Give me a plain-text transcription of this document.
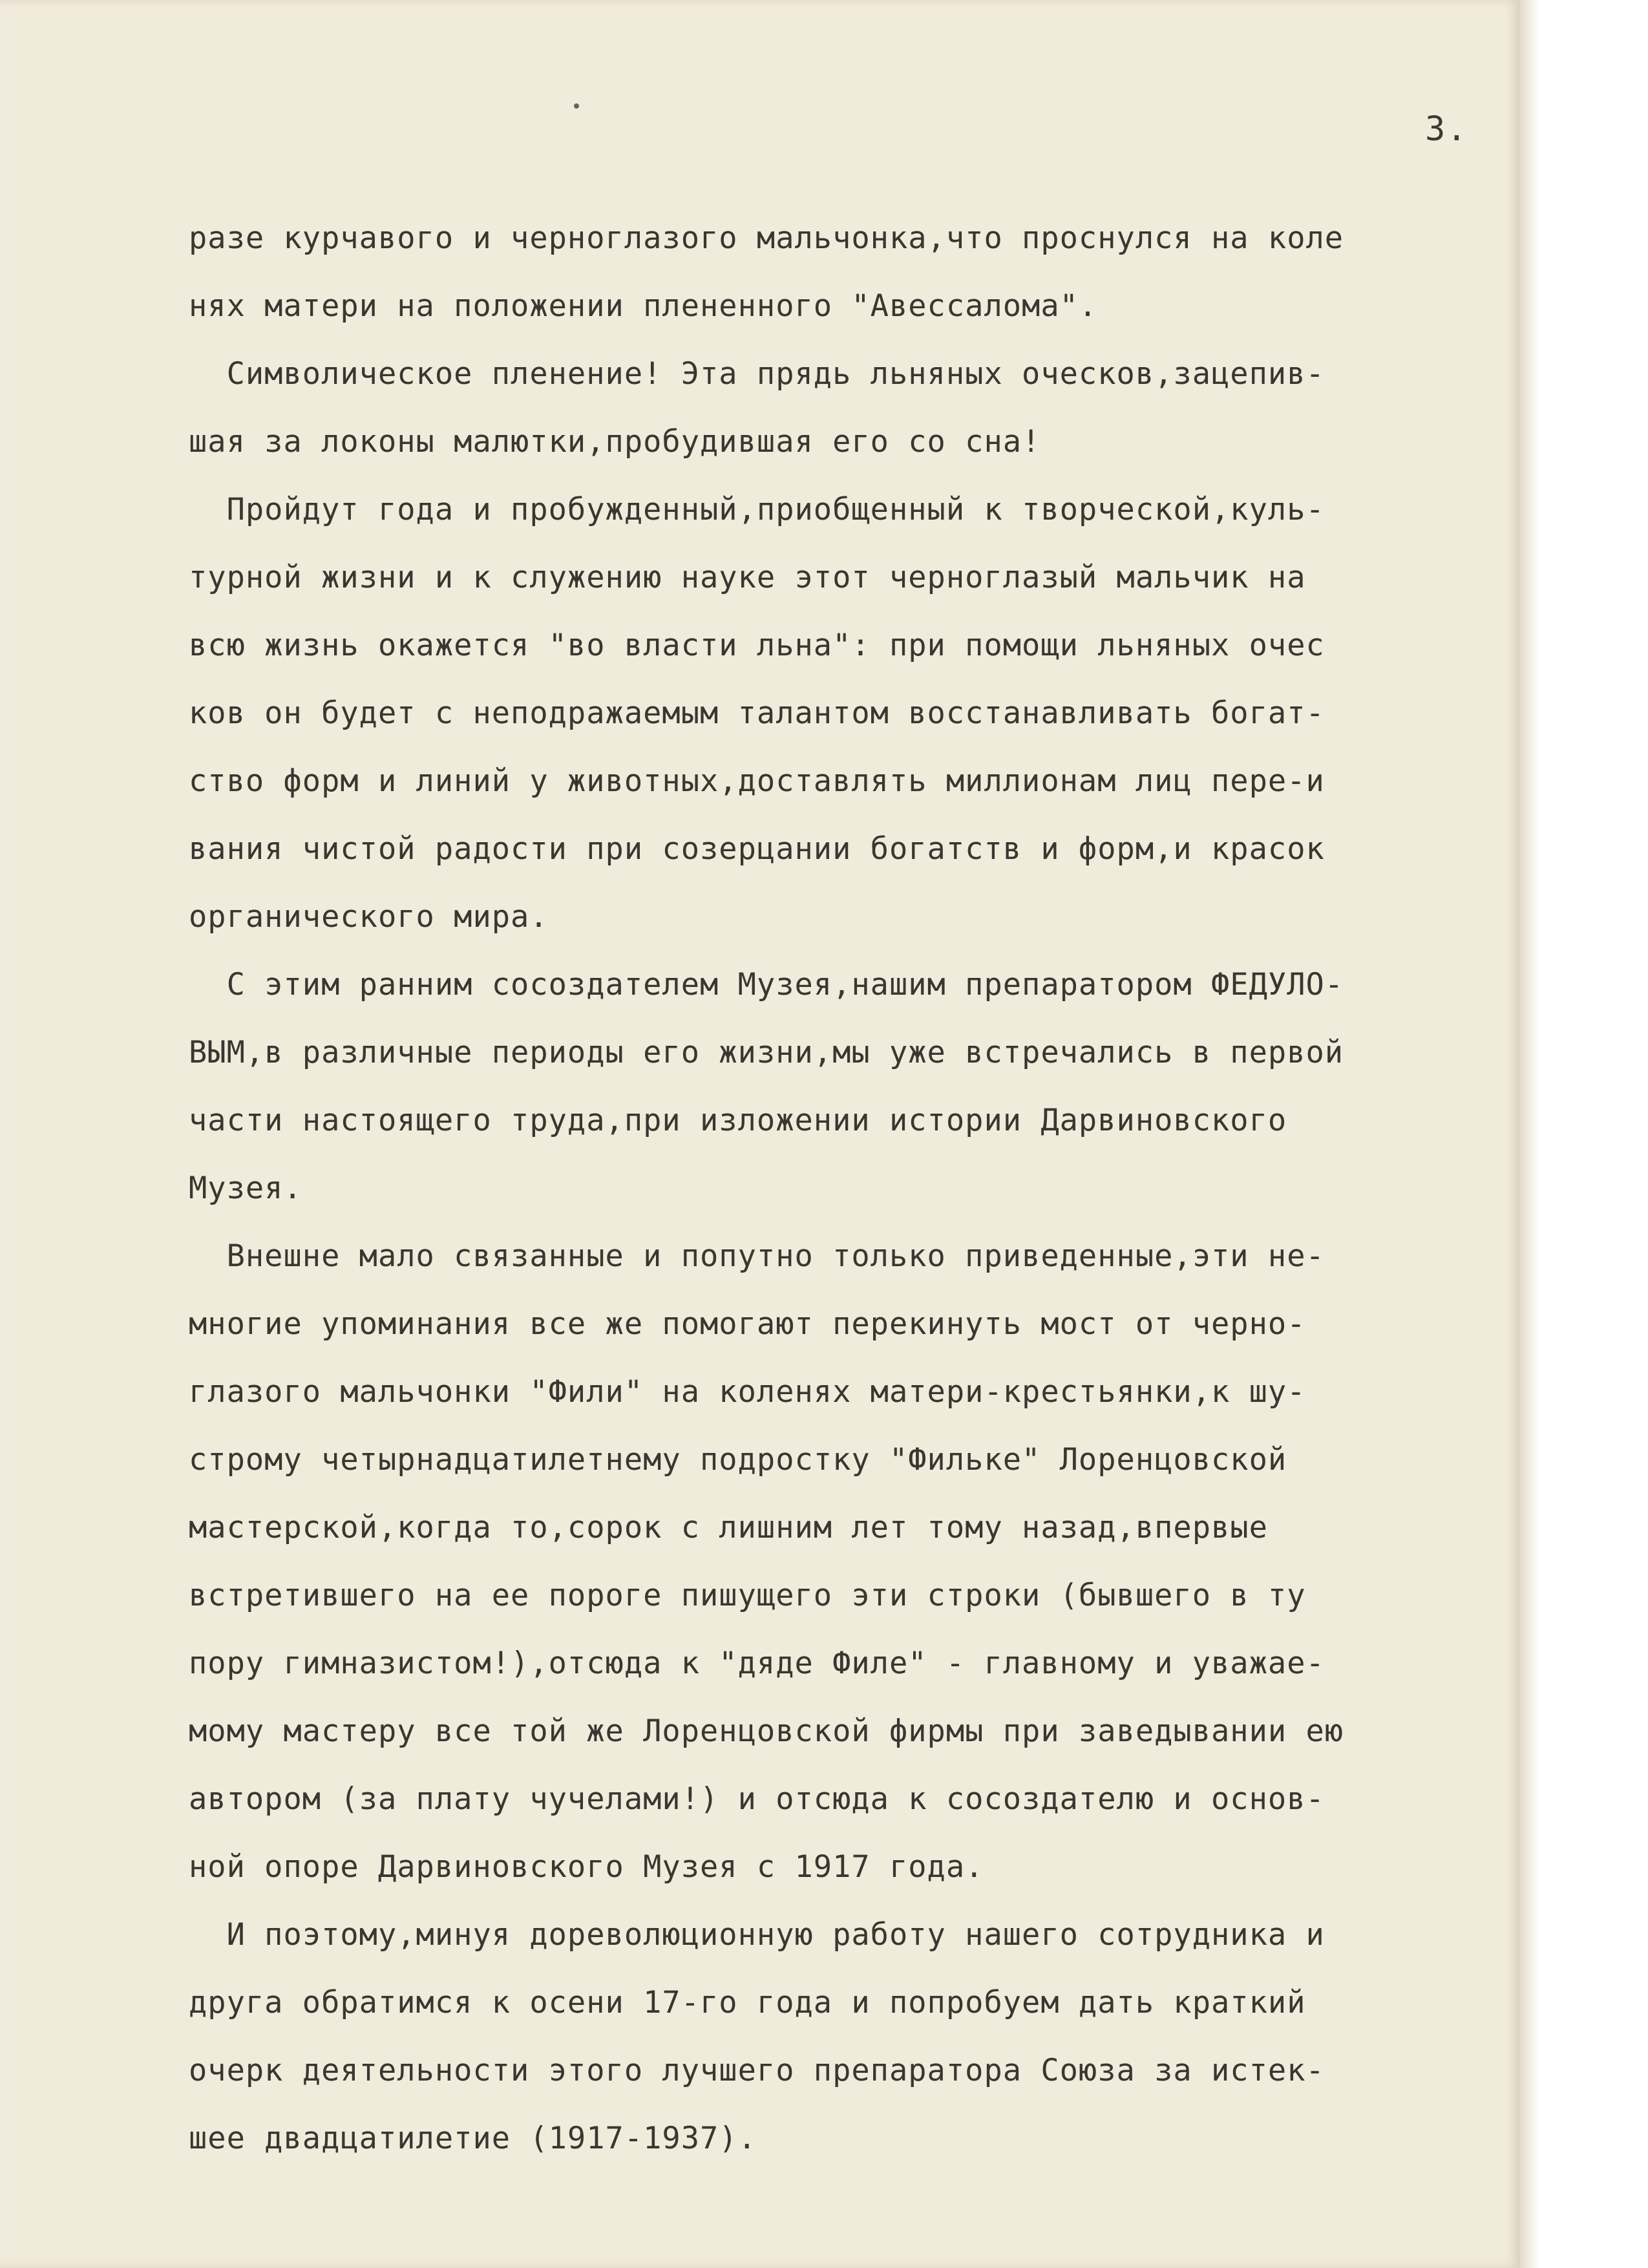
3.
разе курчавого и черноглазого мальчонка,что проснулся на коле
нях матери на положении плененного "Авессалома".
Символическое пленение! Эта прядь льняных оческов,зацепив-
шая за локоны малютки,пробудившая его со сна!
Пройдут года и пробужденный,приобщенный к творческой,куль-
турной жизни и к служению науке этот черноглазый мальчик на
всю жизнь окажется "во власти льна": при помощи льняных очес
ков он будет с неподражаемым талантом восстанавливать богат-
ство форм и линий у животных,доставлять миллионам лиц пере-и
вания чистой радости при созерцании богатств и форм,и красок
органического мира.
С этим ранним сосоздателем Музея,нашим препаратором ФЕДУЛО-
ВЫМ,в различные периоды его жизни,мы уже встречались в первой
части настоящего труда,при изложении истории Дарвиновского
Музея.
Внешне мало связанные и попутно только приведенные,эти не-
многие упоминания все же помогают перекинуть мост от черно-
глазого мальчонки "Фили" на коленях матери-крестьянки,к шу-
строму четырнадцатилетнему подростку "Фильке" Лоренцовской
мастерской,когда то,сорок с лишним лет тому назад,впервые
встретившего на ее пороге пишущего эти строки (бывшего в ту
пору гимназистом!),отсюда к "дяде Филе" - главному и уважае-
мому мастеру все той же Лоренцовской фирмы при заведывании ею
автором (за плату чучелами!) и отсюда к сосоздателю и основ-
ной опоре Дарвиновского Музея с 1917 года.
И поэтому,минуя дореволюционную работу нашего сотрудника и
друга обратимся к осени 17-го года и попробуем дать краткий
очерк деятельности этого лучшего препаратора Союза за истек-
шее двадцатилетие (1917-1937).
